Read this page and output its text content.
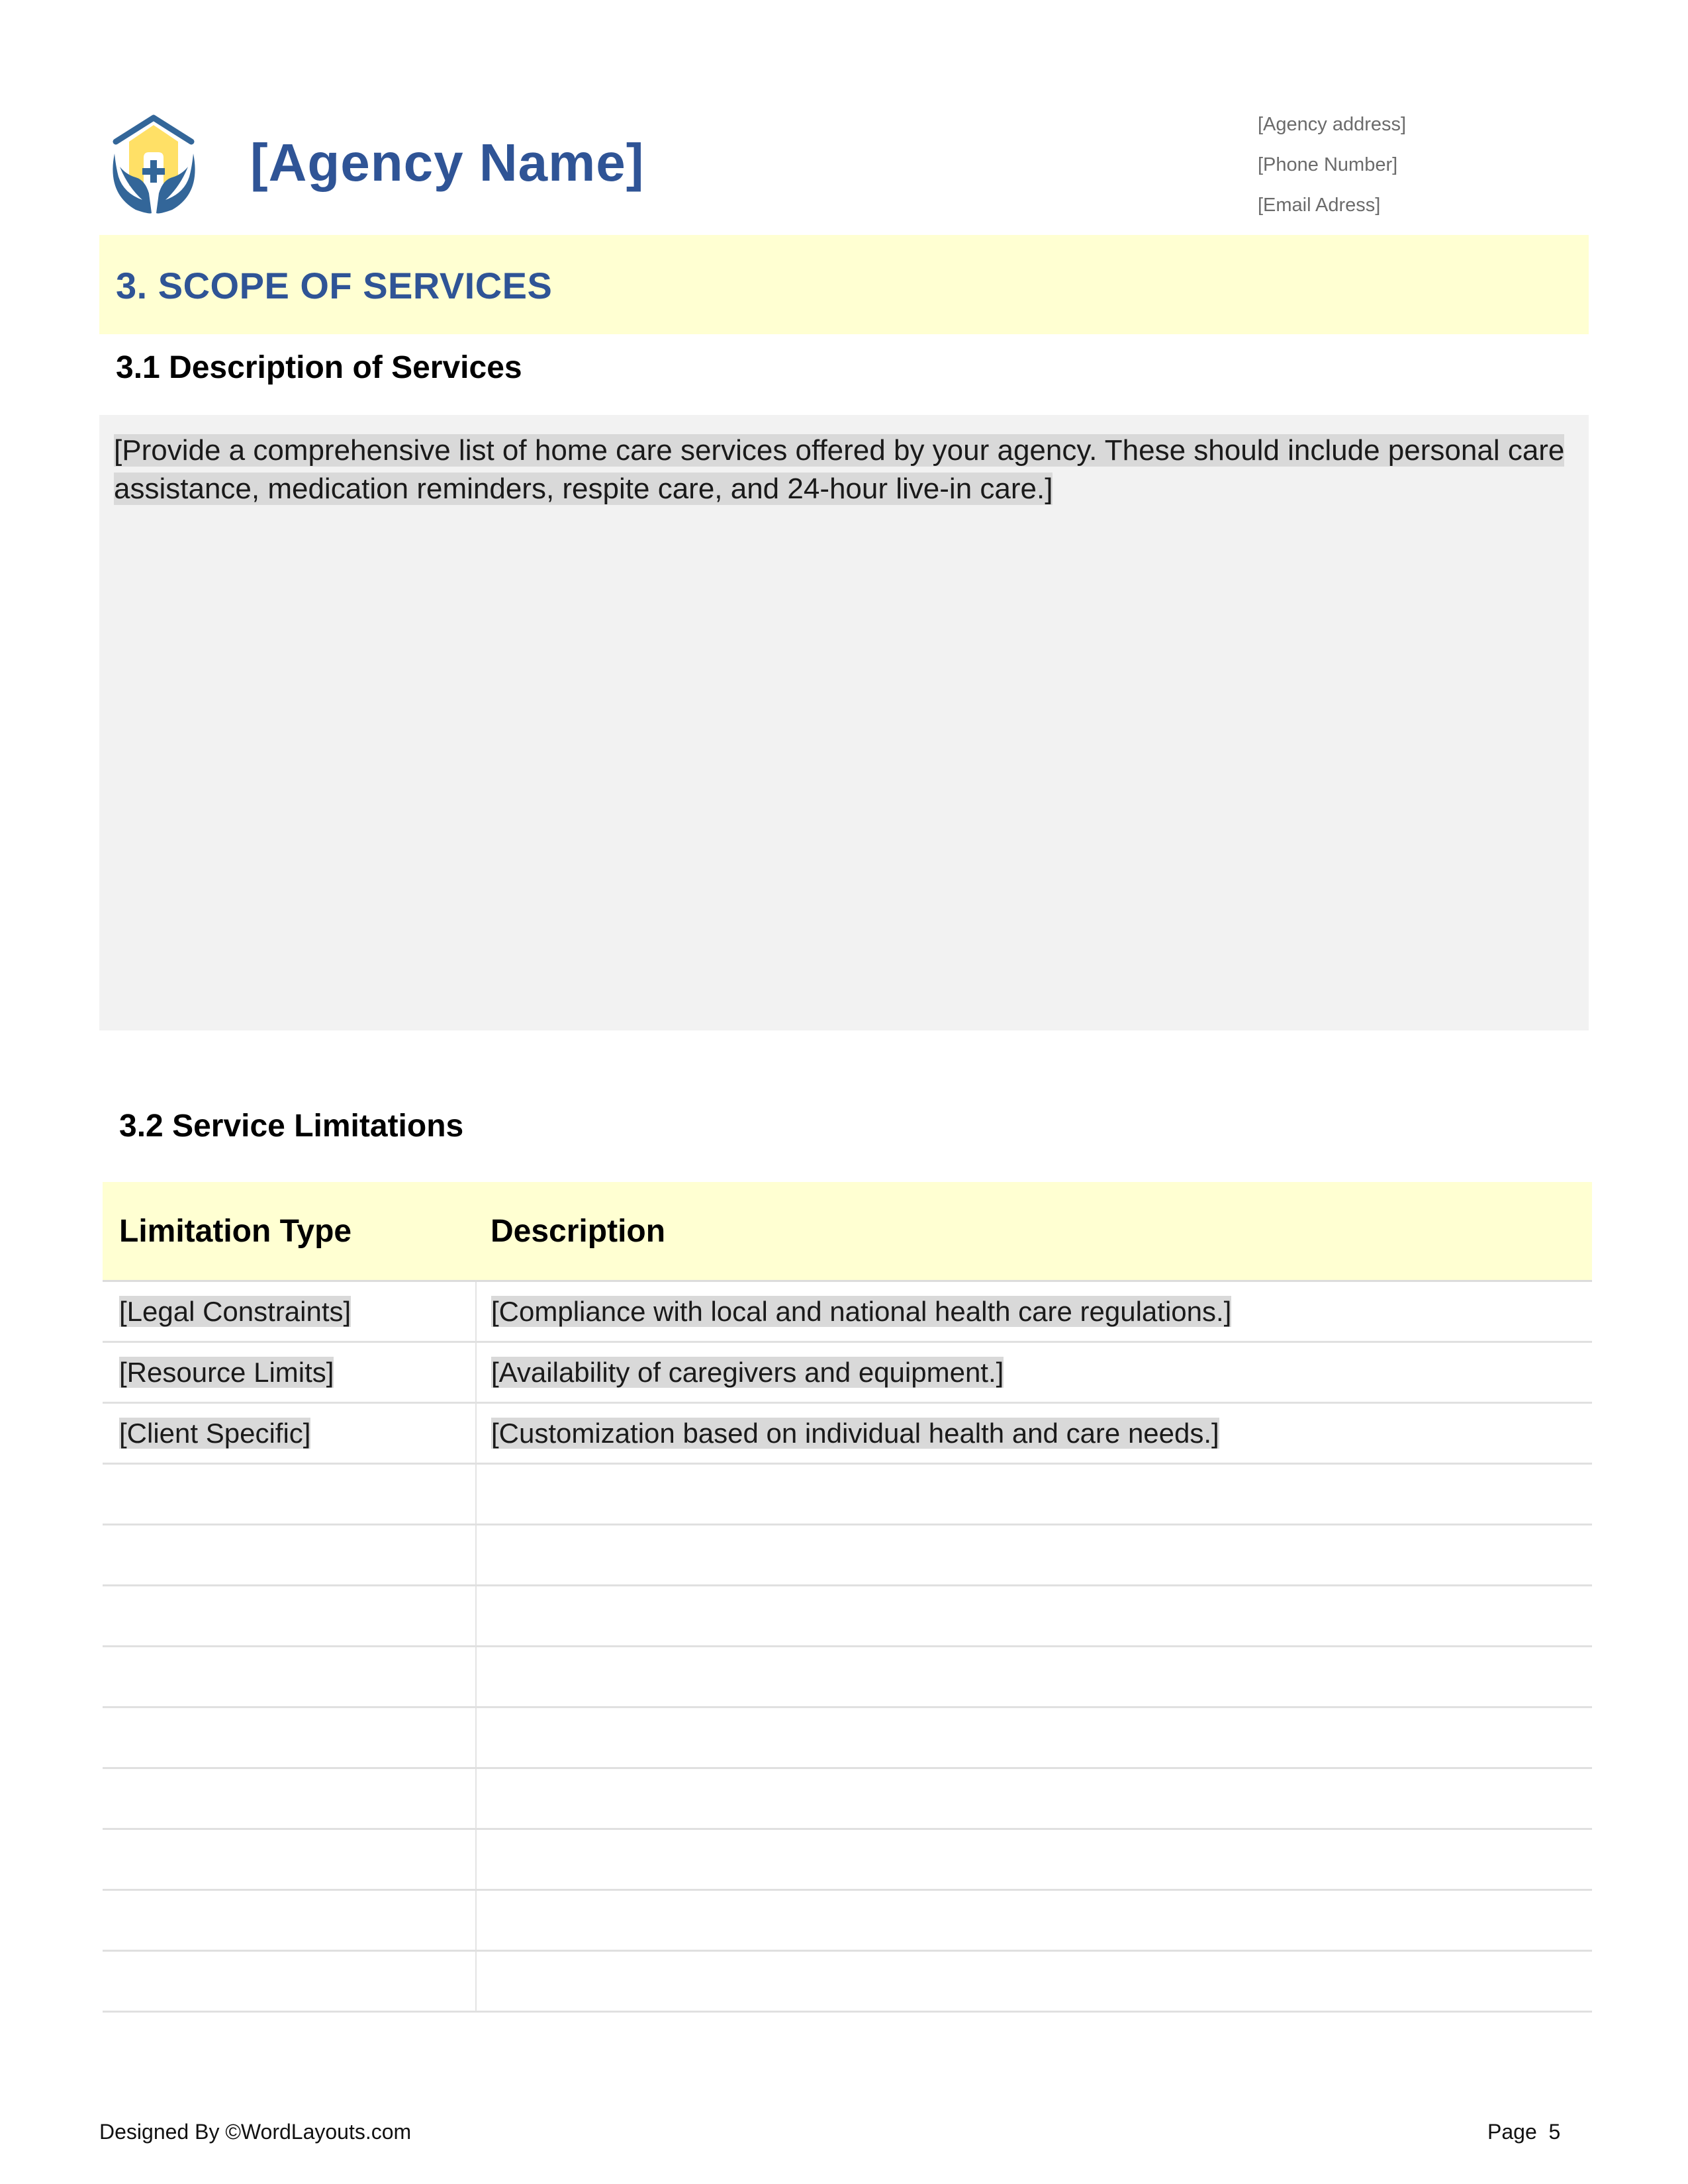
[Agency Name]
[Agency address]
[Phone Number]
[Email Adress]
3. SCOPE OF SERVICES
3.1 Description of Services
[Provide a comprehensive list of home care services offered by your agency. These should include personal care assistance, medication reminders, respite care, and 24-hour live-in care.]
3.2 Service Limitations
Limitation Type	Description
[Legal Constraints]	[Compliance with local and national health care regulations.]
[Resource Limits]	[Availability of caregivers and equipment.]
[Client Specific]	[Customization based on individual health and care needs.]

Designed By ©WordLayouts.com	Page 5
